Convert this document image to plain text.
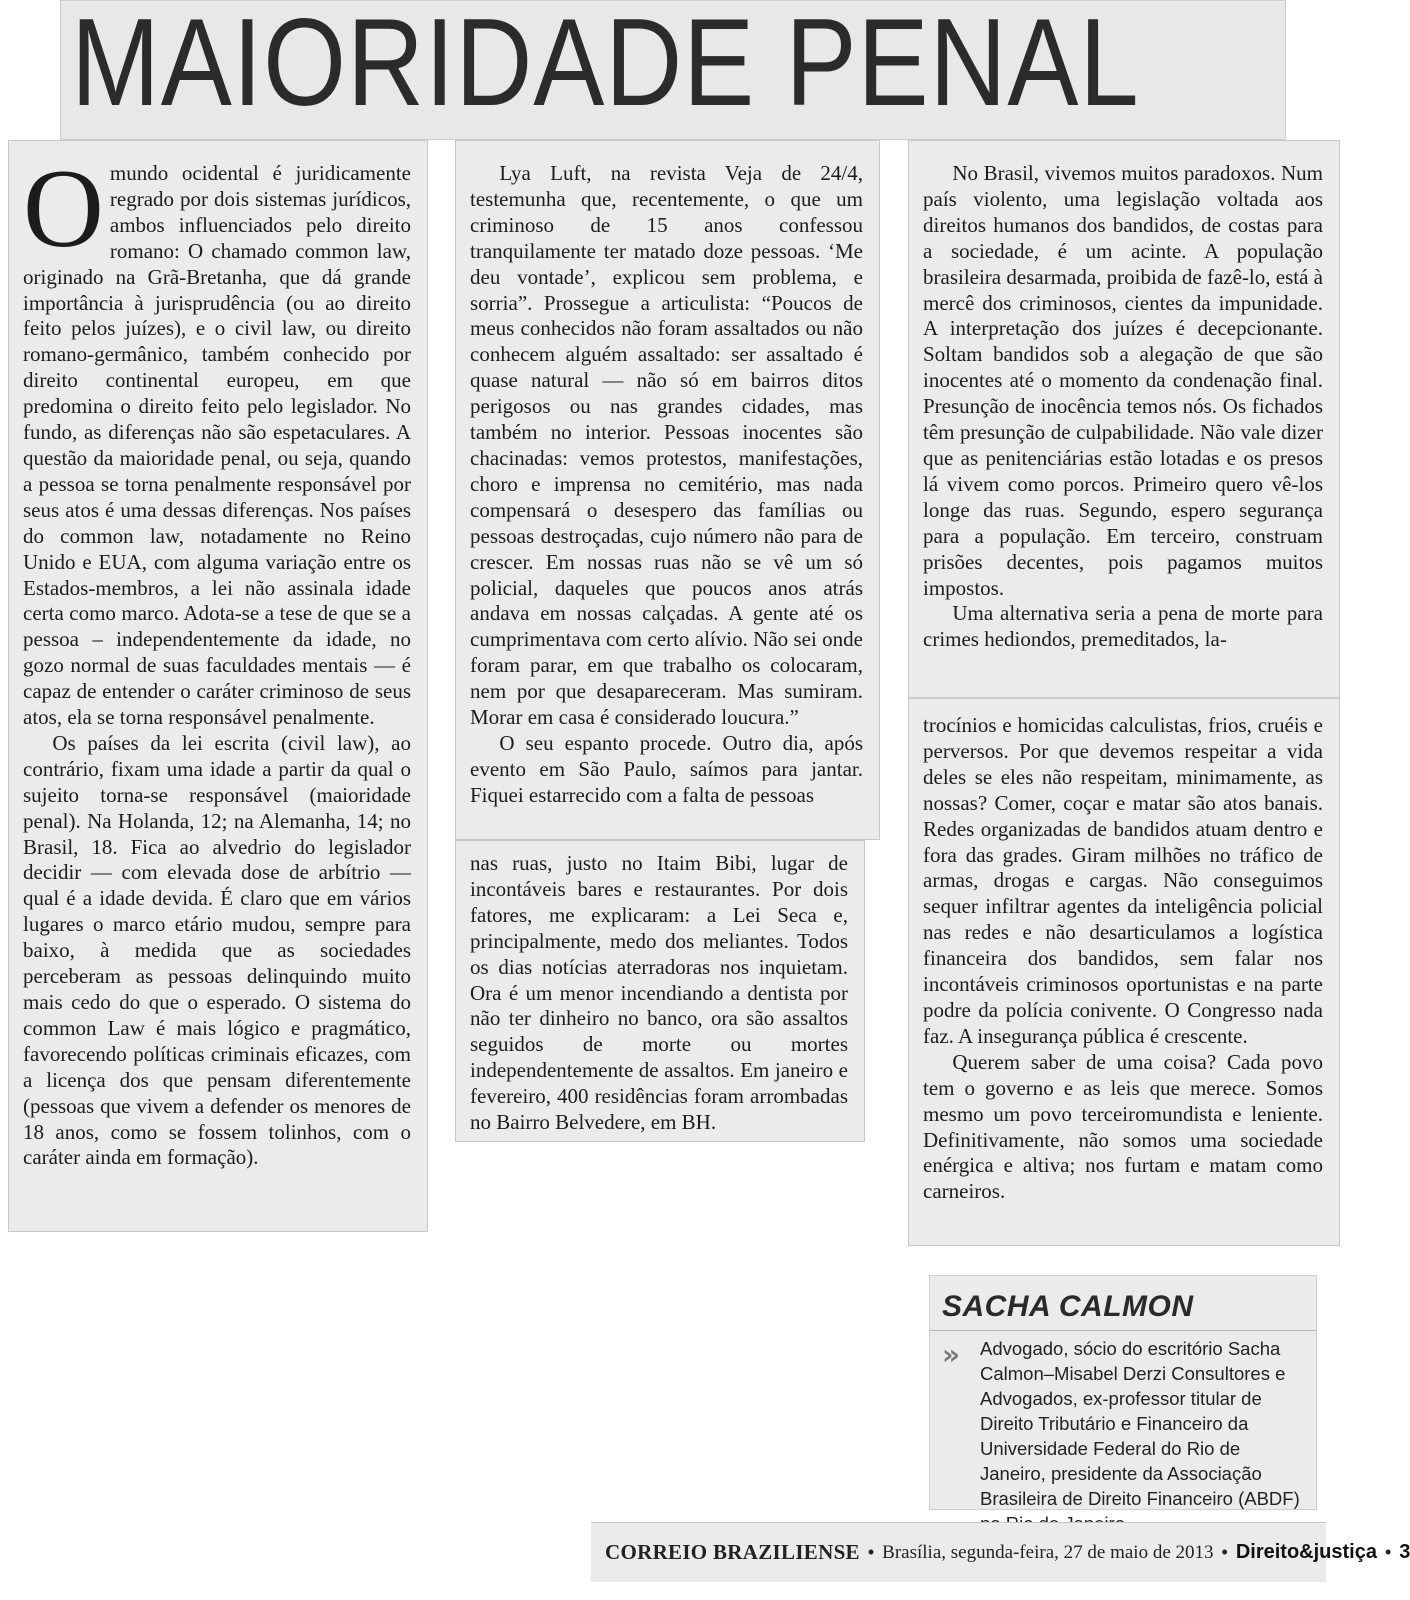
MAIORIDADE PENAL
O mundo ocidental é juridicamente regrado por dois sistemas jurídicos, ambos influenciados pelo direito romano: O chamado common law, originado na Grã-Bretanha, que dá grande importância à jurisprudência (ou ao direito feito pelos juízes), e o civil law, ou direito romano-germânico, também conhecido por direito continental europeu, em que predomina o direito feito pelo legislador. No fundo, as diferenças não são espetaculares. A questão da maioridade penal, ou seja, quando a pessoa se torna penalmente responsável por seus atos é uma dessas diferenças. Nos países do common law, notadamente no Reino Unido e EUA, com alguma variação entre os Estados-membros, a lei não assinala idade certa como marco. Adota-se a tese de que se a pessoa – independentemente da idade, no gozo normal de suas faculdades mentais — é capaz de entender o caráter criminoso de seus atos, ela se torna responsável penalmente.

Os países da lei escrita (civil law), ao contrário, fixam uma idade a partir da qual o sujeito torna-se responsável (maioridade penal). Na Holanda, 12; na Alemanha, 14; no Brasil, 18. Fica ao alvedrio do legislador decidir — com elevada dose de arbítrio — qual é a idade devida. É claro que em vários lugares o marco etário mudou, sempre para baixo, à medida que as sociedades perceberam as pessoas delinquindo muito mais cedo do que o esperado. O sistema do common Law é mais lógico e pragmático, favorecendo políticas criminais eficazes, com a licença dos que pensam diferentemente (pessoas que vivem a defender os menores de 18 anos, como se fossem tolinhos, com o caráter ainda em formação).

Lya Luft, na revista Veja de 24/4, testemunha que, recentemente, o que um criminoso de 15 anos confessou tranquilamente ter matado doze pessoas. ‘Me deu vontade’, explicou sem problema, e sorria”. Prossegue a articulista: “Poucos de meus conhecidos não foram assaltados ou não conhecem alguém assaltado: ser assaltado é quase natural — não só em bairros ditos perigosos ou nas grandes cidades, mas também no interior. Pessoas inocentes são chacinadas: vemos protestos, manifestações, choro e imprensa no cemitério, mas nada compensará o desespero das famílias ou pessoas destroçadas, cujo número não para de crescer. Em nossas ruas não se vê um só policial, daqueles que poucos anos atrás andava em nossas calçadas. A gente até os cumprimentava com certo alívio. Não sei onde foram parar, em que trabalho os colocaram, nem por que desapareceram. Mas sumiram. Morar em casa é considerado loucura.”

O seu espanto procede. Outro dia, após evento em São Paulo, saímos para jantar. Fiquei estarrecido com a falta de pessoas

nas ruas, justo no Itaim Bibi, lugar de incontáveis bares e restaurantes. Por dois fatores, me explicaram: a Lei Seca e, principalmente, medo dos meliantes. Todos os dias notícias aterradoras nos inquietam. Ora é um menor incendiando a dentista por não ter dinheiro no banco, ora são assaltos seguidos de morte ou mortes independentemente de assaltos. Em janeiro e fevereiro, 400 residências foram arrombadas no Bairro Belvedere, em BH.

No Brasil, vivemos muitos paradoxos. Num país violento, uma legislação voltada aos direitos humanos dos bandidos, de costas para a sociedade, é um acinte. A população brasileira desarmada, proibida de fazê-lo, está à mercê dos criminosos, cientes da impunidade. A interpretação dos juízes é decepcionante. Soltam bandidos sob a alegação de que são inocentes até o momento da condenação final. Presunção de inocência temos nós. Os fichados têm presunção de culpabilidade. Não vale dizer que as penitenciárias estão lotadas e os presos lá vivem como porcos. Primeiro quero vê-los longe das ruas. Segundo, espero segurança para a população. Em terceiro, construam prisões decentes, pois pagamos muitos impostos.

Uma alternativa seria a pena de morte para crimes hediondos, premeditados, la-

trocínios e homicidas calculistas, frios, cruéis e perversos. Por que devemos respeitar a vida deles se eles não respeitam, minimamente, as nossas? Comer, coçar e matar são atos banais. Redes organizadas de bandidos atuam dentro e fora das grades. Giram milhões no tráfico de armas, drogas e cargas. Não conseguimos sequer infiltrar agentes da inteligência policial nas redes e não desarticulamos a logística financeira dos bandidos, sem falar nos incontáveis criminosos oportunistas e na parte podre da polícia conivente. O Congresso nada faz. A insegurança pública é crescente.

Querem saber de uma coisa? Cada povo tem o governo e as leis que merece. Somos mesmo um povo terceiromundista e leniente. Definitivamente, não somos uma sociedade enérgica e altiva; nos furtam e matam como carneiros.

SACHA CALMON
» Advogado, sócio do escritório Sacha Calmon–Misabel Derzi Consultores e Advogados, ex-professor titular de Direito Tributário e Financeiro da Universidade Federal do Rio de Janeiro, presidente da Associação Brasileira de Direito Financeiro (ABDF)
CORREIO BRAZILIENSE • Brasília, segunda-feira, 27 de maio de 2013 • Direito&justiça • 3
